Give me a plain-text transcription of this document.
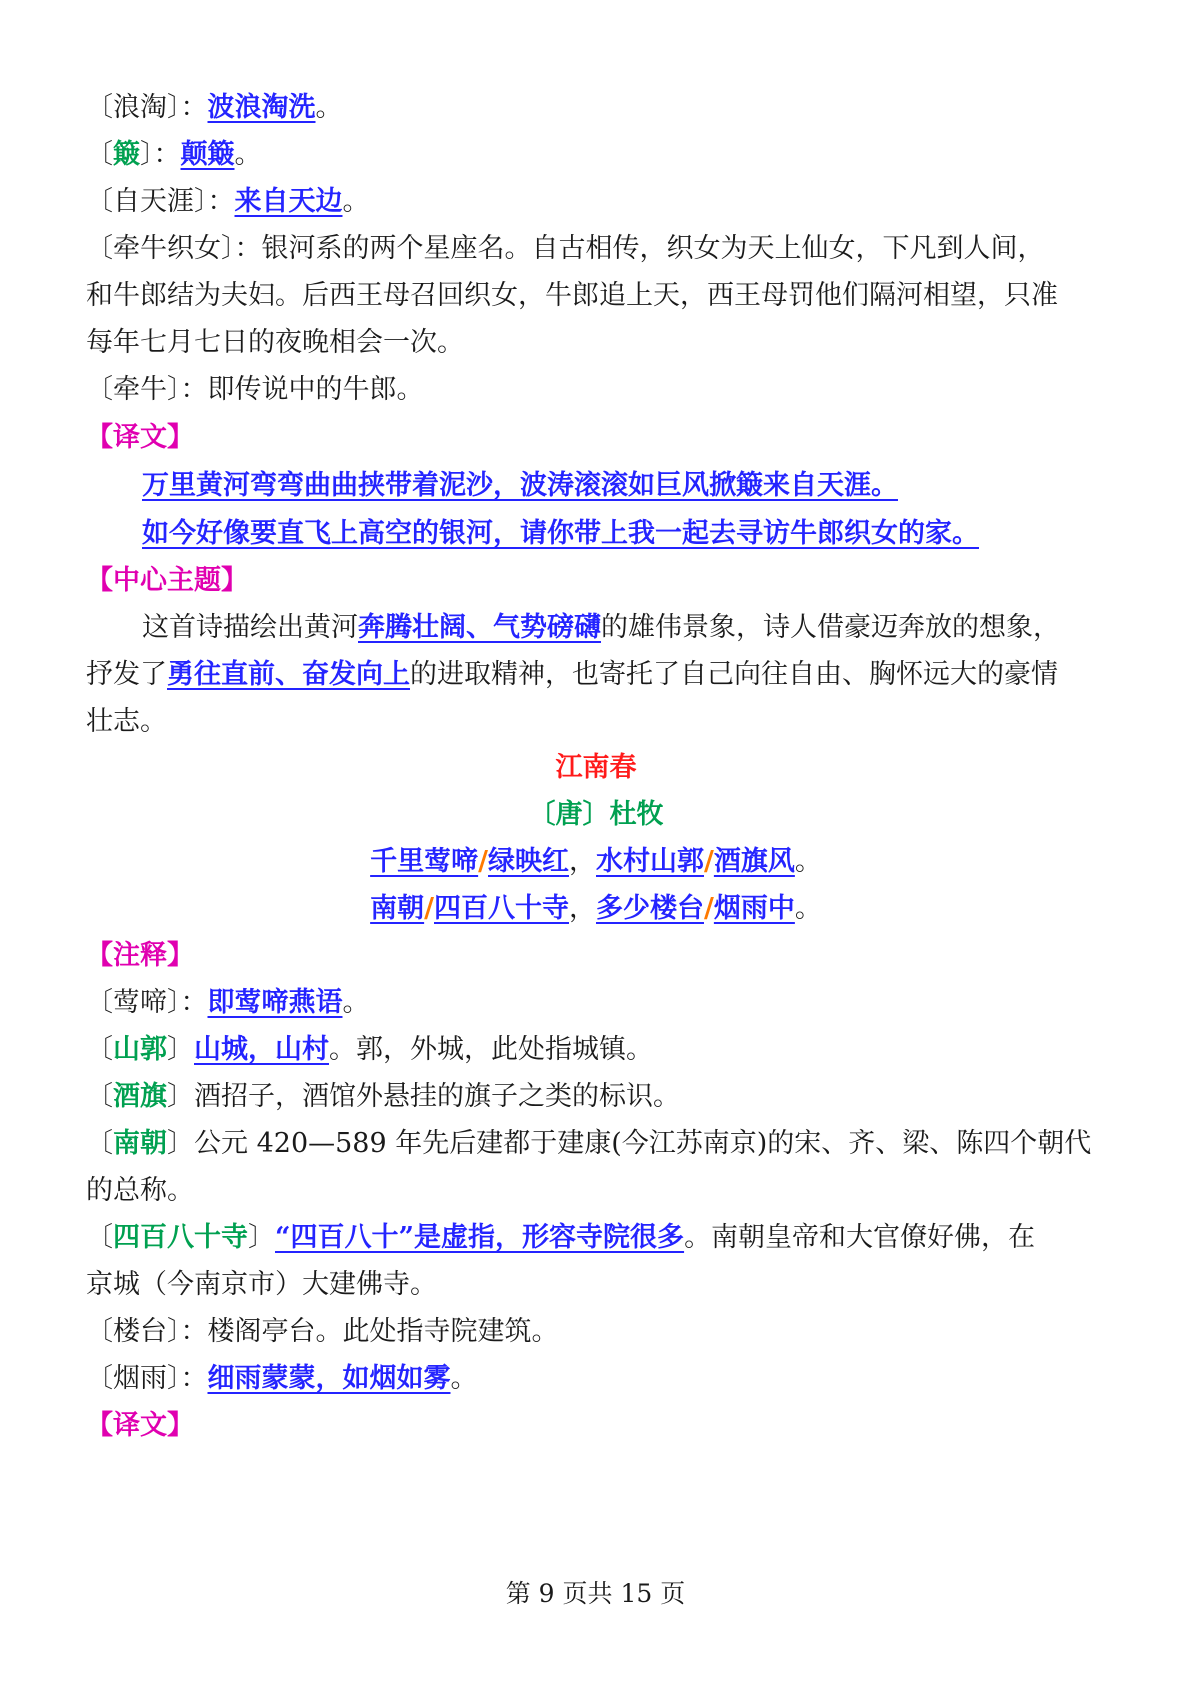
〔浪淘〕：波浪淘洗。
〔簸〕：颠簸。
〔自天涯〕：来自天边。
〔牵牛织女〕：银河系的两个星座名。自古相传，织女为天上仙女，下凡到人间，
和牛郎结为夫妇。后西王母召回织女，牛郎追上天，西王母罚他们隔河相望，只准
每年七月七日的夜晚相会一次。
〔牵牛〕：即传说中的牛郎。
【译文】
万里黄河弯弯曲曲挟带着泥沙，波涛滚滚如巨风掀簸来自天涯。
如今好像要直飞上高空的银河，请你带上我一起去寻访牛郎织女的家。
【中心主题】
这首诗描绘出黄河奔腾壮阔、气势磅礴的雄伟景象，诗人借豪迈奔放的想象，
抒发了勇往直前、奋发向上的进取精神，也寄托了自己向往自由、胸怀远大的豪情
壮志。
江南春
〔唐〕杜牧
千里莺啼/绿映红，水村山郭/酒旗风。
南朝/四百八十寺，多少楼台/烟雨中。
【注释】
〔莺啼〕：即莺啼燕语。
〔山郭〕山城，山村。郭，外城，此处指城镇。
〔酒旗〕酒招子，酒馆外悬挂的旗子之类的标识。
〔南朝〕公元 420—589 年先后建都于建康(今江苏南京)的宋、齐、梁、陈四个朝代
的总称。
〔四百八十寺〕“四百八十”是虚指，形容寺院很多。南朝皇帝和大官僚好佛，在
京城（今南京市）大建佛寺。
〔楼台〕：楼阁亭台。此处指寺院建筑。
〔烟雨〕：细雨蒙蒙，如烟如雾。
【译文】
第 9 页共 15 页
